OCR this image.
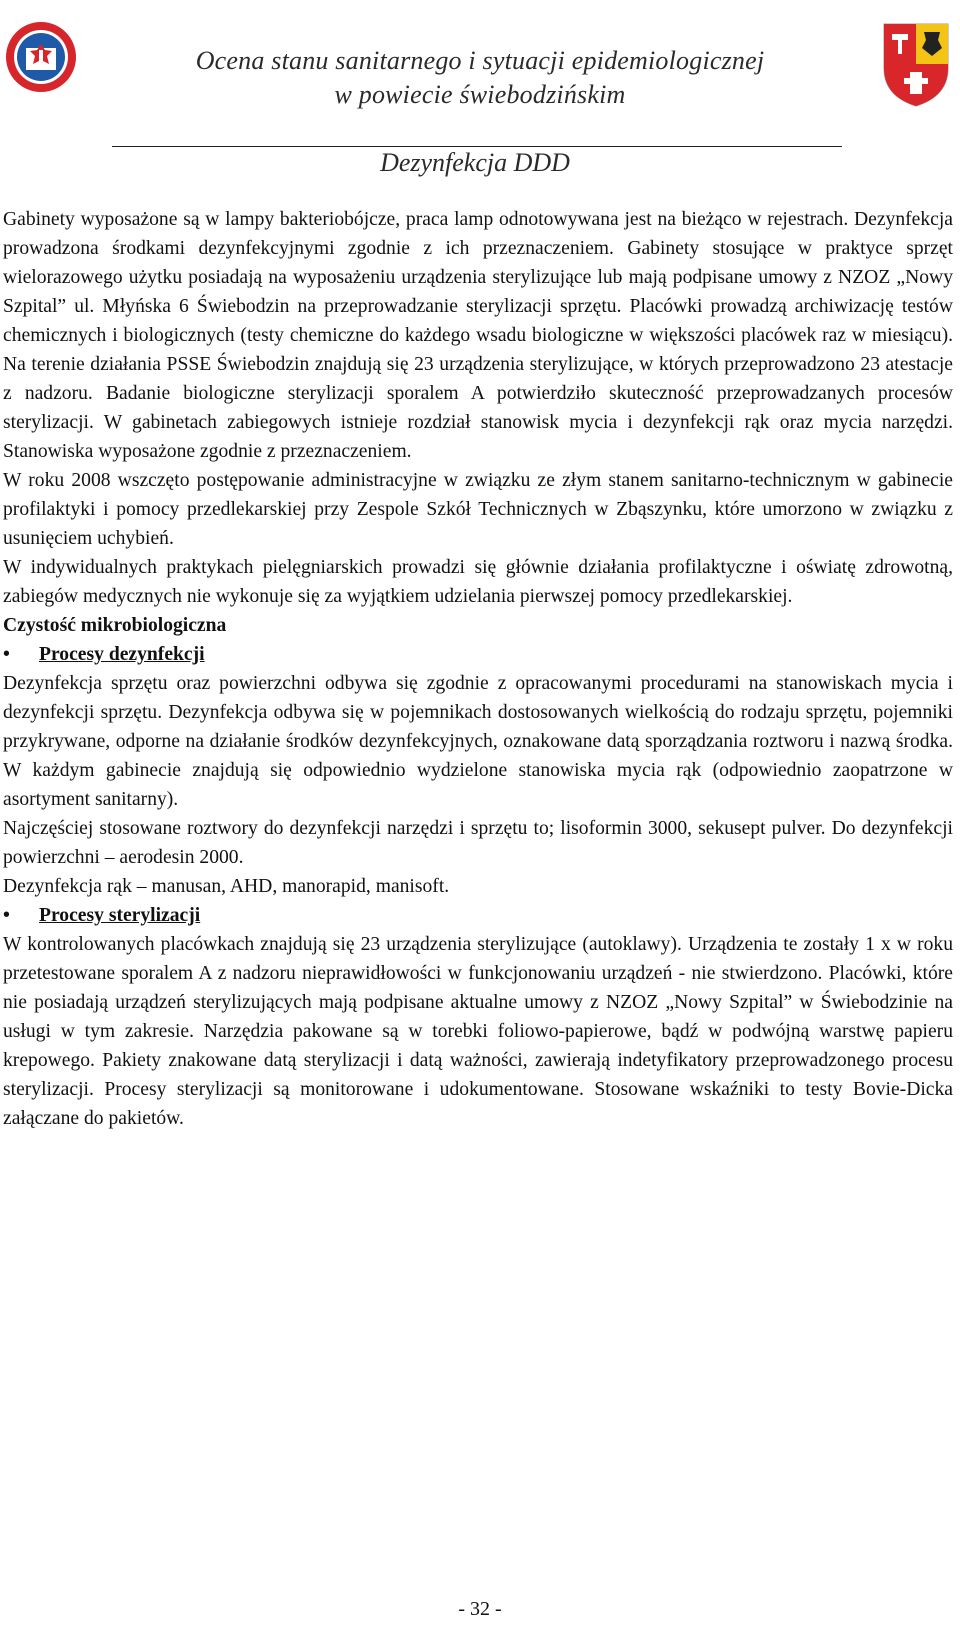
Ocena stanu sanitarnego i sytuacji epidemiologicznej
w powiecie świebodzińskim
Dezynfekcja DDD

Gabinety wyposażone są w lampy bakteriobójcze, praca lamp odnotowywana jest na bieżąco w rejestrach. Dezynfekcja prowadzona środkami dezynfekcyjnymi zgodnie z ich przeznaczeniem. Gabinety stosujące w praktyce sprzęt wielorazowego użytku posiadają na wyposażeniu urządzenia sterylizujące lub mają podpisane umowy z NZOZ „Nowy Szpital” ul. Młyńska 6 Świebodzin na przeprowadzanie sterylizacji sprzętu. Placówki prowadzą archiwizację testów chemicznych i biologicznych (testy chemiczne do każdego wsadu biologiczne w większości placówek raz w miesiącu). Na terenie działania PSSE Świebodzin znajdują się 23 urządzenia sterylizujące, w których przeprowadzono 23 atestacje z nadzoru. Badanie biologiczne sterylizacji sporalem A potwierdziło skuteczność przeprowadzanych procesów sterylizacji. W gabinetach zabiegowych istnieje rozdział stanowisk mycia i dezynfekcji rąk oraz mycia narzędzi. Stanowiska wyposażone zgodnie z przeznaczeniem.

W roku 2008 wszczęto postępowanie administracyjne w związku ze złym stanem sanitarno-technicznym w gabinecie profilaktyki i pomocy przedlekarskiej przy Zespole Szkół Technicznych w Zbąszynku, które umorzono w związku z usunięciem uchybień.

W indywidualnych praktykach pielęgniarskich prowadzi się głównie działania profilaktyczne i oświatę zdrowotną, zabiegów medycznych nie wykonuje się za wyjątkiem udzielania pierwszej pomocy przedlekarskiej.

Czystość mikrobiologiczna
•	Procesy dezynfekcji

Dezynfekcja sprzętu oraz powierzchni odbywa się zgodnie z opracowanymi procedurami na stanowiskach mycia i dezynfekcji sprzętu. Dezynfekcja odbywa się w pojemnikach dostosowanych wielkością do rodzaju sprzętu, pojemniki przykrywane, odporne na działanie środków dezynfekcyjnych, oznakowane datą sporządzania roztworu i nazwą środka. W każdym gabinecie znajdują się odpowiednio wydzielone stanowiska mycia rąk (odpowiednio zaopatrzone w asortyment sanitarny).

Najczęściej stosowane roztwory do dezynfekcji narzędzi i sprzętu to; lisoformin 3000, sekusept pulver. Do dezynfekcji powierzchni – aerodesin 2000.

Dezynfekcja rąk – manusan, AHD, manorapid, manisoft.

•	Procesy sterylizacji

W kontrolowanych placówkach znajdują się 23 urządzenia sterylizujące (autoklawy). Urządzenia te zostały 1 x w roku przetestowane sporalem A z nadzoru nieprawidłowości w funkcjonowaniu urządzeń - nie stwierdzono. Placówki, które nie posiadają urządzeń sterylizujących mają podpisane aktualne umowy z NZOZ „Nowy Szpital” w Świebodzinie na usługi w tym zakresie. Narzędzia pakowane są w torebki foliowo-papierowe, bądź w podwójną warstwę papieru krepowego. Pakiety znakowane datą sterylizacji i datą ważności, zawierają indetyfikatory przeprowadzonego procesu sterylizacji. Procesy sterylizacji są monitorowane i udokumentowane. Stosowane wskaźniki to testy Bovie-Dicka załączane do pakietów.

- 32 -
